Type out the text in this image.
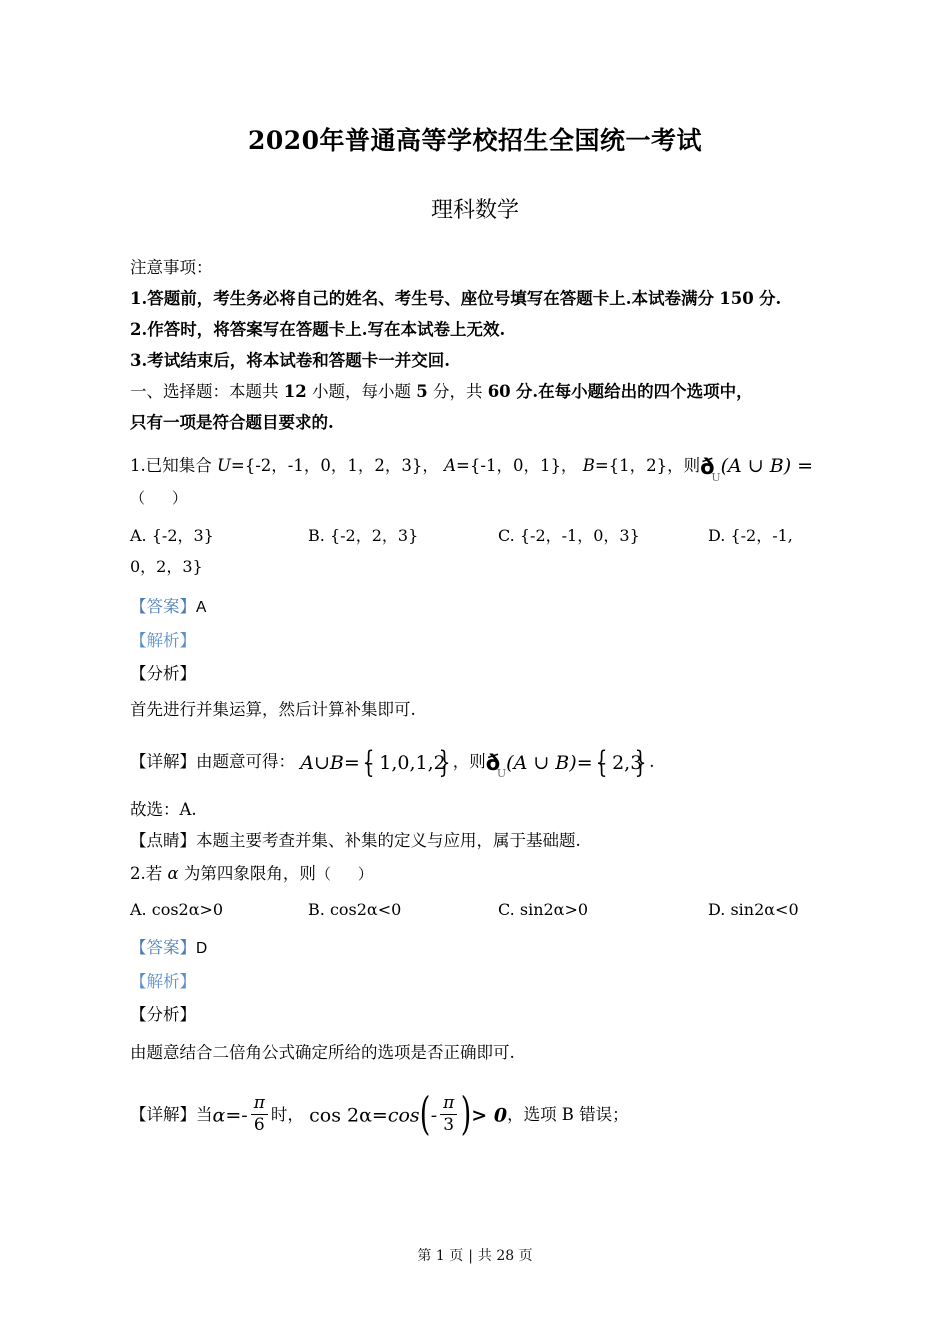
2020年普通高等学校招生全国统一考试
理科数学
注意事项：
1.答题前，考生务必将自己的姓名、考生号、座位号填写在答题卡上.本试卷满分 150 分.
2.作答时，将答案写在答题卡上.写在本试卷上无效.
3.考试结束后，将本试卷和答题卡一并交回.
一、选择题：本题共 12 小题，每小题 5 分，共 60 分.在每小题给出的四个选项中，
只有一项是符合题目要求的.
1.已知集合 U={-2，-1，0，1，2，3}， A={-1，0，1}， B={1，2}，则ð
U (A ∪ B) =（　）
A. {-2，3}	B. {-2，2，3}	C. {-2，-1，0，3}	D. {-2，-1,
0，2，3}
【答案】A
【解析】
【分析】
首先进行并集运算，然后计算补集即可.
【详解】由题意可得： A∪B= { - 1,0,1,2 } ，则ð
U (A ∪ B)= { - 2,3 } .
故选：A.
【点睛】本题主要考查并集、补集的定义与应用，属于基础题.
2.若 α 为第四象限角，则（　）
A. cos2α>0	B. cos2α<0	C. sin2α>0	D. sin2α<0
【答案】D
【解析】
【分析】
由题意结合二倍角公式确定所给的选项是否正确即可.
【详解】当$\alpha=- \frac{\pi}{6}$ 时， cos 2α=cos ( - $\frac{\pi}{3}$
) > 0，选项 B 错误；
第 1 页 | 共 28 页
